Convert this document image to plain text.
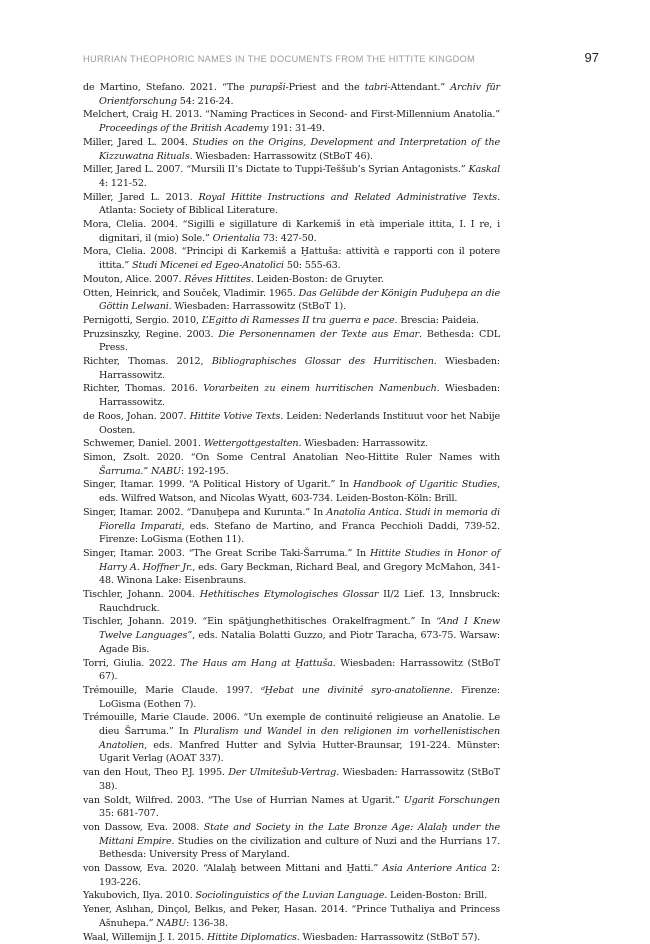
HURRIAN THEOPHORIC NAMES IN THE DOCUMENTS FROM THE HITTITE KINGDOM	97

de Martino, Stefano. 2021. “The purapši-Priest and the tabri-Attendant.” Archiv für Orientforschung 54: 216-24.

Melchert, Craig H. 2013. “Naming Practices in Second- and First-Millennium Anatolia.” Proceedings of the British Academy 191: 31-49.

Miller, Jared L. 2004. Studies on the Origins, Development and Interpretation of the Kizzuwatna Rituals. Wiesbaden: Harrassowitz (StBoT 46).

Miller, Jared L. 2007. “Mursili II’s Dictate to Tuppi-Teššub’s Syrian Antagonists.” Kaskal 4: 121-52.

Miller, Jared L. 2013. Royal Hittite Instructions and Related Administrative Texts. Atlanta: Society of Biblical Literature.

Mora, Clelia. 2004. “Sigilli e sigillature di Karkemiš in età imperiale ittita, I. I re, i dignitari, il (mio) Sole.” Orientalia 73: 427-50.

Mora, Clelia. 2008. “Principi di Karkemiš a Ḫattuša: attività e rapporti con il potere ittita.” Studi Micenei ed Egeo-Anatolici 50: 555-63.

Mouton, Alice. 2007. Rêves Hittites. Leiden-Boston: de Gruyter.

Otten, Heinrick, and Souček, Vladimir. 1965. Das Gelübde der Königin Puduḫepa an die Göttin Lelwani. Wiesbaden: Harrassowitz (StBoT 1).

Pernigotti, Sergio. 2010, L’Egitto di Ramesses II tra guerra e pace. Brescia: Paideia.

Pruzsinszky, Regine. 2003. Die Personennamen der Texte aus Emar. Bethesda: CDL Press.

Richter, Thomas. 2012, Bibliographisches Glossar des Hurritischen. Wiesbaden: Harrassowitz.

Richter, Thomas. 2016. Vorarbeiten zu einem hurritischen Namenbuch. Wiesbaden: Harrassowitz.

de Roos, Johan. 2007. Hittite Votive Texts. Leiden: Nederlands Instituut voor het Nabije Oosten.

Schwemer, Daniel. 2001. Wettergottgestalten. Wiesbaden: Harrassowitz.

Simon, Zsolt. 2020. “On Some Central Anatolian Neo-Hittite Ruler Names with Šarruma.” NABU: 192-195.

Singer, Itamar. 1999. “A Political History of Ugarit.” In Handbook of Ugaritic Studies, eds. Wilfred Watson, and Nicolas Wyatt, 603-734. Leiden-Boston-Köln: Brill.

Singer, Itamar. 2002. “Danuḫepa and Kurunta.” In Anatolia Antica. Studi in memoria di Fiorella Imparati, eds. Stefano de Martino, and Franca Pecchioli Daddi, 739-52. Firenze: LoGisma (Eothen 11).

Singer, Itamar. 2003. “The Great Scribe Taki-Šarruma.” In Hittite Studies in Honor of Harry A. Hoffner Jr., eds. Gary Beckman, Richard Beal, and Gregory McMahon, 341-48. Winona Lake: Eisenbrauns.

Tischler, Johann. 2004. Hethitisches Etymologisches Glossar II/2 Lief. 13, Innsbruck: Rauchdruck.

Tischler, Johann. 2019. “Ein spätjunghethitisches Orakelfragment.” In “And I Knew Twelve Languages”, eds. Natalia Bolatti Guzzo, and Piotr Taracha, 673-75. Warsaw: Agade Bis.

Torri, Giulia. 2022. The Haus am Hang at Ḫattuša. Wiesbaden: Harrassowitz (StBoT 67).

Trémouille, Marie Claude. 1997. ᵈḪebat une divinité syro-anatolienne. Firenze: LoGisma (Eothen 7).

Trémouille, Marie Claude. 2006. “Un exemple de continuité religieuse an Anatolie. Le dieu Šarruma.” In Pluralism und Wandel in den religionen im vorhellenistischen Anatolien, eds. Manfred Hutter and Sylvia Hutter-Braunsar, 191-224. Münster: Ugarit Verlag (AOAT 337).

van den Hout, Theo P.J. 1995. Der Ulmitešub-Vertrag. Wiesbaden: Harrassowitz (StBoT 38).

van Soldt, Wilfred. 2003. “The Use of Hurrian Names at Ugarit.” Ugarit Forschungen 35: 681-707.

von Dassow, Eva. 2008. State and Society in the Late Bronze Age: Alalaḫ under the Mittani Empire. Studies on the civilization and culture of Nuzi and the Hurrians 17. Bethesda: University Press of Maryland.

von Dassow, Eva. 2020. “Alalaḫ between Mittani and Ḫatti.” Asia Anteriore Antica 2: 193-226.

Yakubovich, Ilya. 2010. Sociolinguistics of the Luvian Language. Leiden-Boston: Brill.

Yener, Aslıhan, Dinçol, Belkıs, and Peker, Hasan. 2014. “Prince Tuthaliya and Princess Ašnuhepa.” NABU: 136-38.

Waal, Willemijn J. I. 2015. Hittite Diplomatics. Wiesbaden: Harrassowitz (StBoT 57).
